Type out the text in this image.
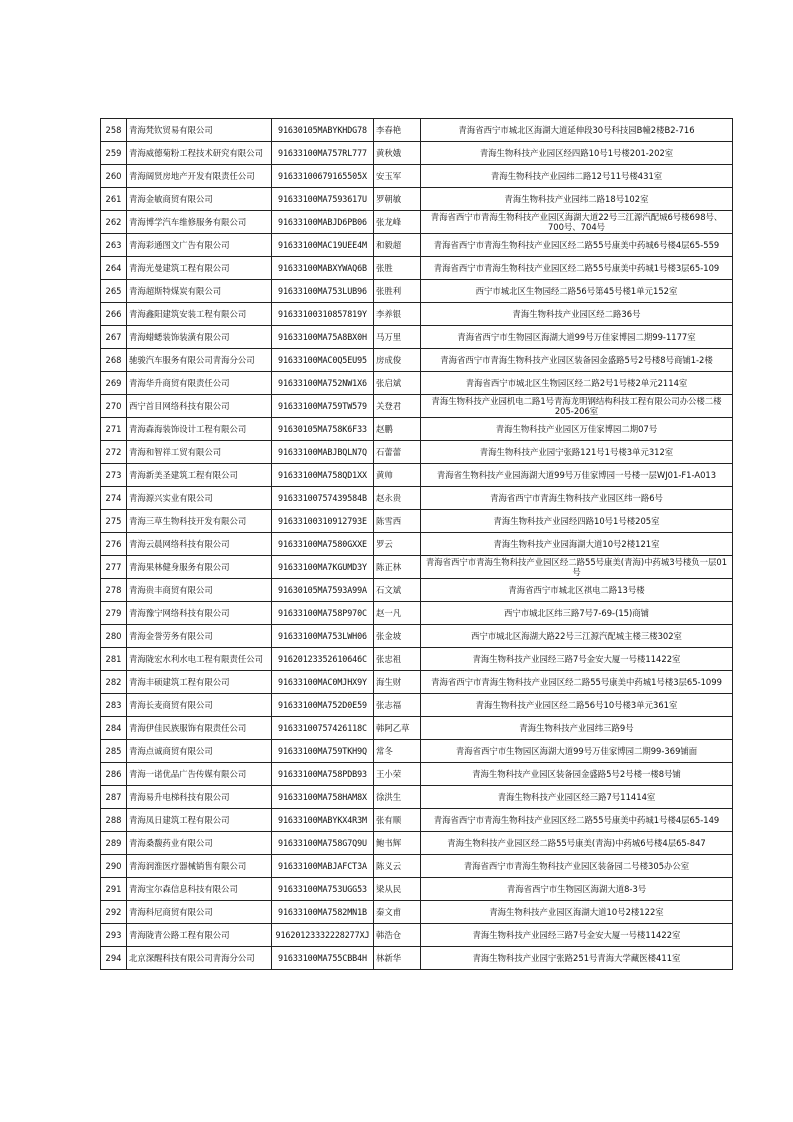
258	青海梵钦贸易有限公司	91630105MABYKHDG78	李春艳	青海省西宁市城北区海湖大道延伸段30号科技园B幢2楼B2-716
259	青海威德菊粉工程技术研究有限公司	91633100MA757RL777	黄秋娥	青海生物科技产业园区经四路10号1号楼201-202室
260	青海阔贤房地产开发有限责任公司	91633100679165505X	安玉军	青海生物科技产业园纬二路12号11号楼431室
261	青海金敏商贸有限公司	91633100MA7593617U	罗朝敏	青海生物科技产业园纬二路18号102室
262	青海博学汽车维修服务有限公司	91633100MABJD6PB06	张龙峰	青海省西宁市青海生物科技产业园区海湖大道22号三江源汽配城6号楼698号、700号、704号
263	青海彩通图文广告有限公司	91633100MAC19UEE4M	和毅超	青海省西宁市青海生物科技产业园区经二路55号康美中药城6号楼4层65-559
264	青海光曼建筑工程有限公司	91633100MABXYWAQ6B	张胜	青海省西宁市青海生物科技产业园区经二路55号康美中药城1号楼3层65-109
265	青海超斯特煤炭有限公司	91633100MA753LUB96	张胜利	西宁市城北区生物园经二路56号第45号楼1单元152室
266	青海鑫阳建筑安装工程有限公司	91633100310857819Y	李养银	青海生物科技产业园区经二路36号
267	青海蜡蟋装饰装潢有限公司	91633100MA75A8BX0H	马万里	青海省西宁市生物园区海湖大道99号万佳家博园二期99-1177室
268	驰骏汽车服务有限公司青海分公司	91633100MAC0Q5EU95	房成俊	青海省西宁市青海生物科技产业园区装备园金盛路5号2号楼8号商铺1-2楼
269	青海华升商贸有限责任公司	91633100MA752NW1X6	张启斌	青海省西宁市城北区生物园区经二路2号1号楼2单元2114室
270	西宁首目网络科技有限公司	91633100MA759TW579	关登君	青海生物科技产业园机电二路1号青海龙明钢结构科技工程有限公司办公楼二楼205-206室
271	青海森海装饰设计工程有限公司	91630105MA758K6F33	赵鹏	青海生物科技产业园区万佳家博园二期07号
272	青海和智祥工贸有限公司	91633100MABJBQLN7Q	石蕾蕾	青海生物科技产业园宁张路121号1号楼3单元312室
273	青海新美圣建筑工程有限公司	91633100MA758QD1XX	黄帅	青海省生物科技产业园海湖大道99号万佳家博园一号楼一层WJ01-F1-A013
274	青海源兴实业有限公司	91633100757439584B	赵永贵	青海省西宁市青海生物科技产业园区纬一路6号
275	青海三草生物科技开发有限公司	91633100310912793E	陈雪西	青海生物科技产业园经四路10号1号楼205室
276	青海云晨网络科技有限公司	91633100MA7580GXXE	罗云	青海生物科技产业园海湖大道10号2楼121室
277	青海果林健身服务有限公司	91633100MA7KGUMD3Y	陈正林	青海省西宁市青海生物科技产业园区经二路55号康美(青海)中药城3号楼负一层01号
278	青海贵丰商贸有限公司	91630105MA7593A99A	石文斌	青海省西宁市城北区祺电二路13号楼
279	青海豫宁网络科技有限公司	91633100MA758P970C	赵一凡	西宁市城北区纬三路7号7-69-(15)商铺
280	青海金誉劳务有限公司	91633100MA753LWH06	张金坡	西宁市城北区海湖大路22号三江源汽配城主楼三楼302室
281	青海陇宏水利水电工程有限责任公司	91620123352610646C	张忠祖	青海生物科技产业园经三路7号金安大厦一号楼11422室
282	青海丰硕建筑工程有限公司	91633100MAC0MJHX9Y	海生财	青海省西宁市青海生物科技产业园区经二路55号康美中药城1号楼3层65-1099
283	青海长麦商贸有限公司	91633100MA752D0E59	张志福	青海生物科技产业园区经二路56号10号楼3单元361室
284	青海伊佳民族服饰有限责任公司	91633100757426118C	韩阿乙草	青海生物科技产业园纬三路9号
285	青海点诚商贸有限公司	91633100MA759TKH9Q	常冬	青海省西宁市生物园区海湖大道99号万佳家博园二期99-369铺面
286	青海一诺优品广告传媒有限公司	91633100MA758PDB93	王小荣	青海生物科技产业园区装备园金盛路5号2号楼一楼8号铺
287	青海易升电梯科技有限公司	91633100MA758HAM8X	徐洪生	青海生物科技产业园区经三路7号11414室
288	青海凤日建筑工程有限公司	91633100MABYKX4R3M	张有顺	青海省西宁市青海生物科技产业园区经二路55号康美中药城1号楼4层65-149
289	青海桑馥药业有限公司	91633100MA758G7Q9U	鲍书辉	青海生物科技产业园区经二路55号康美(青海)中药城6号楼4层65-847
290	青海润淮医疗器械销售有限公司	91633100MABJAFCT3A	陈义云	青海省西宁市青海生物科技产业园区装备园二号楼305办公室
291	青海宝尔森信息科技有限公司	91633100MA753UGG53	梁从民	青海省西宁市生物园区海湖大道8-3号
292	青海科尼商贸有限公司	91633100MA7582MN1B	秦文甫	青海生物科技产业园区海湖大道10号2楼122室
293	青海陇青公路工程有限公司	91620123332228277XJ	韩浩仓	青海生物科技产业园经三路7号金安大厦一号楼11422室
294	北京深醒科技有限公司青海分公司	91633100MA755CBB4H	林新华	青海生物科技产业园宁张路251号青海大学藏医楼411室
